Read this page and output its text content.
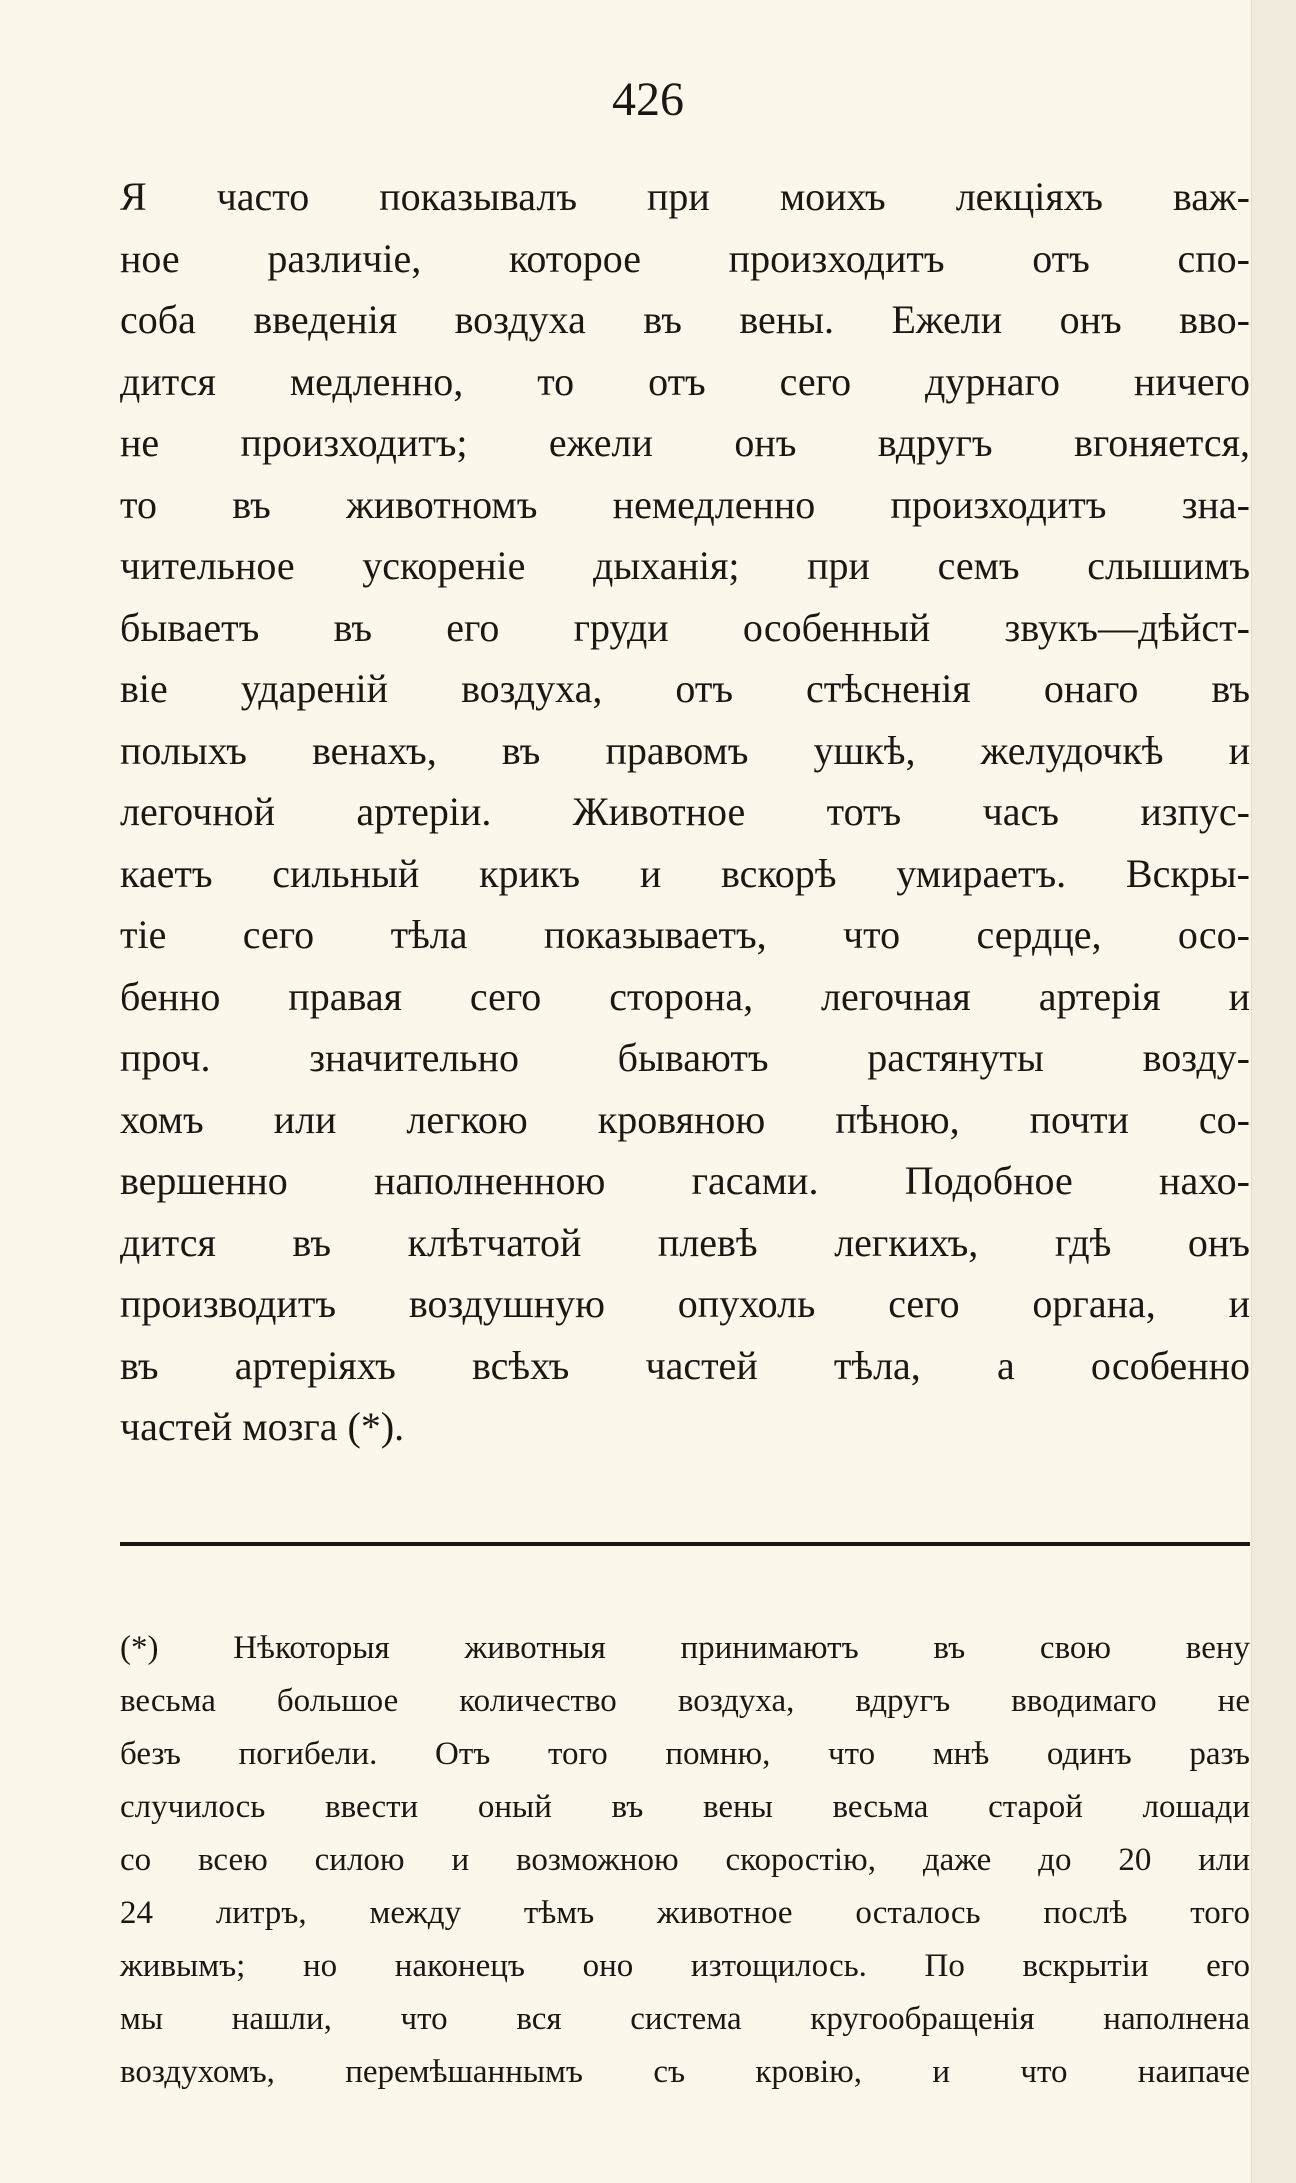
426
Я часто показывалъ при моихъ лекціяхъ важ-
ное различіе, которое произходитъ отъ спо-
соба введенія воздуха въ вены. Ежели онъ вво-
дится медленно, то отъ сего дурнаго ничего
не произходитъ; ежели онъ вдругъ вгоняется,
то въ животномъ немедленно произходитъ зна-
чительное ускореніе дыханія; при семъ слышимъ
бываетъ въ его груди особенный звукъ—дѣйст-
віе удареній воздуха, отъ стѣсненія онаго въ
полыхъ венахъ, въ правомъ ушкѣ, желудочкѣ и
легочной артеріи. Животное тотъ часъ изпус-
каетъ сильный крикъ и вскорѣ умираетъ. Вскры-
тіе сего тѣла показываетъ, что сердце, осо-
бенно правая сего сторона, легочная артерія и
проч. значительно бываютъ растянуты возду-
хомъ или легкою кровяною пѣною, почти со-
вершенно наполненною гасами. Подобное нахо-
дится въ клѣтчатой плевѣ легкихъ, гдѣ онъ
производитъ воздушную опухоль сего органа, и
въ артеріяхъ всѣхъ частей тѣла, а особенно
частей мозга (*).
(*) Нѣкоторыя животныя принимаютъ въ свою вену
весьма большое количество воздуха, вдругъ вводимаго не
безъ погибели. Отъ того помню, что мнѣ одинъ разъ
случилось ввести оный въ вены весьма старой лошади
со всею силою и возможною скоростію, даже до 20 или
24 литръ, между тѣмъ животное осталось послѣ того
живымъ; но наконецъ оно изтощилось. По вскрытіи его
мы нашли, что вся система кругообращенія наполнена
воздухомъ, перемѣшаннымъ съ кровію, и что наипаче
